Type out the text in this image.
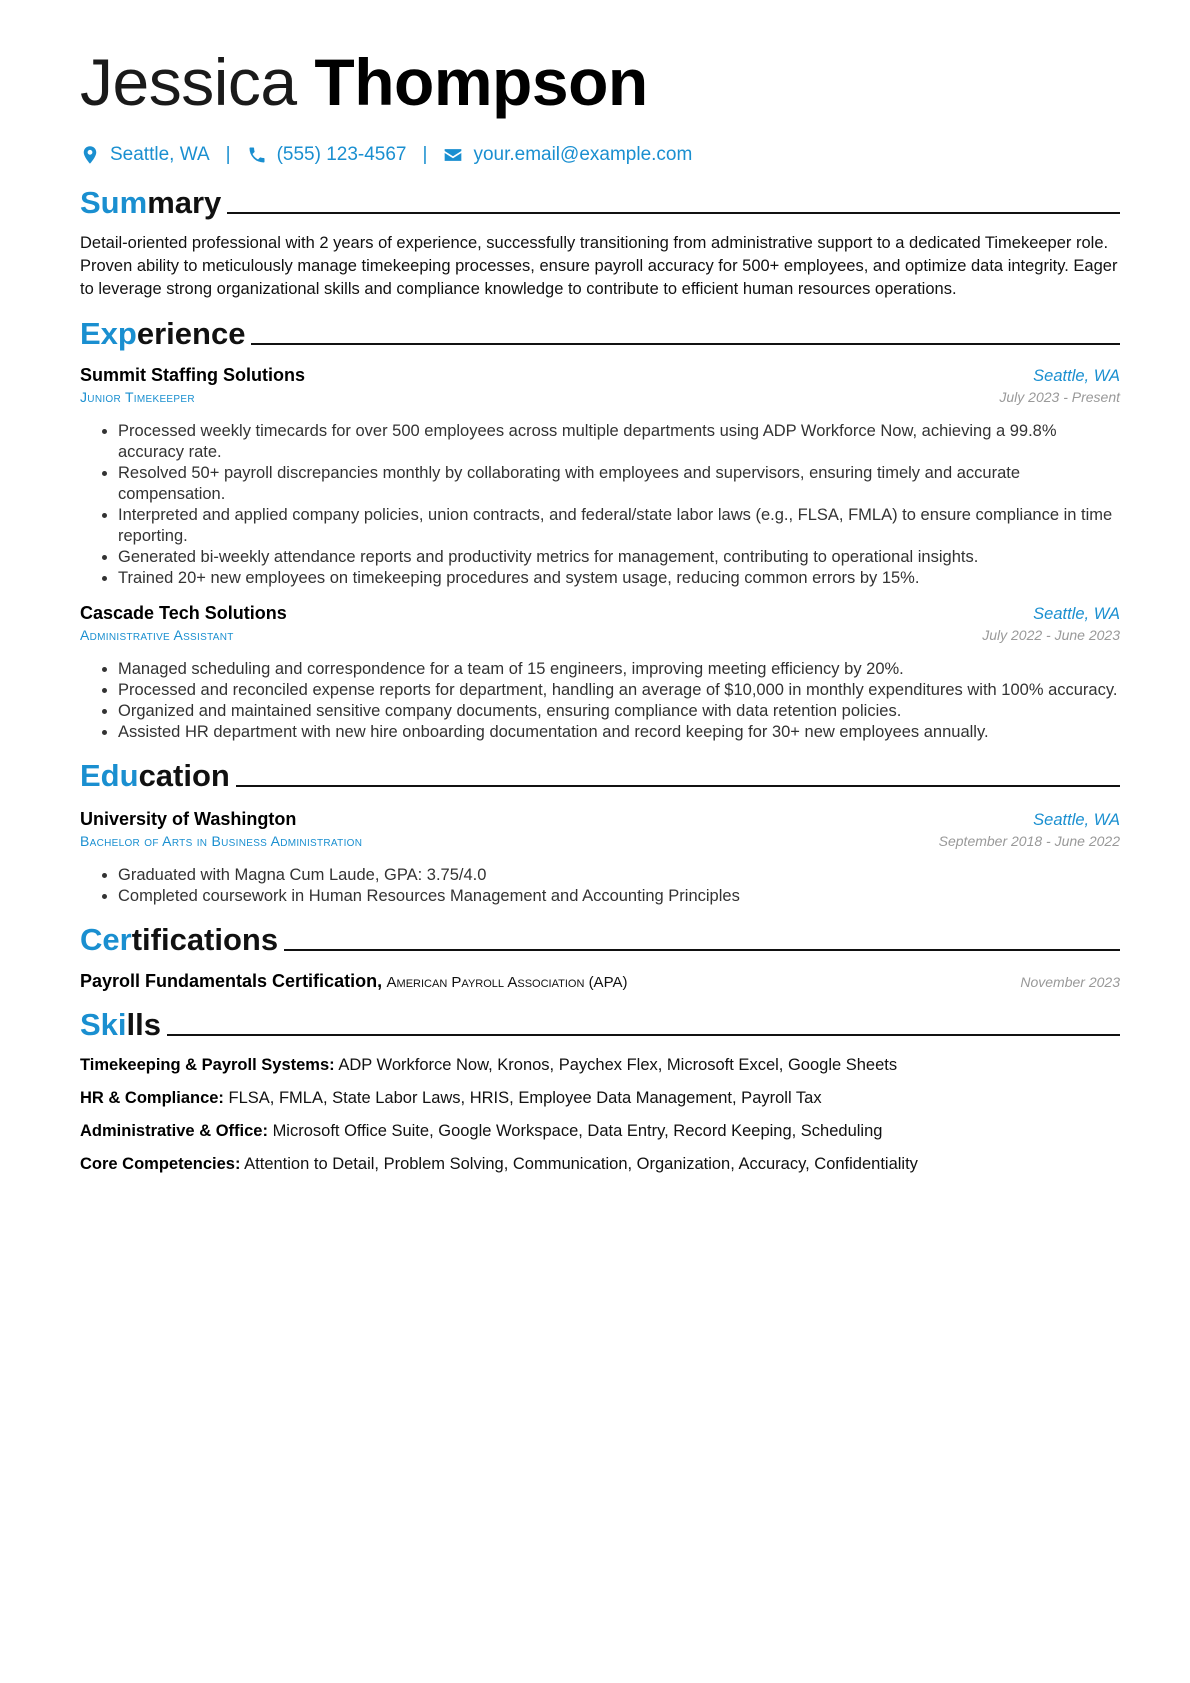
Jessica Thompson
Seattle, WA | (555) 123-4567 | your.email@example.com
Summary
Detail-oriented professional with 2 years of experience, successfully transitioning from administrative support to a dedicated Timekeeper role. Proven ability to meticulously manage timekeeping processes, ensure payroll accuracy for 500+ employees, and optimize data integrity. Eager to leverage strong organizational skills and compliance knowledge to contribute to efficient human resources operations.
Experience
Summit Staffing Solutions	Seattle, WA
Junior Timekeeper	July 2023 - Present
• Processed weekly timecards for over 500 employees across multiple departments using ADP Workforce Now, achieving a 99.8% accuracy rate.
• Resolved 50+ payroll discrepancies monthly by collaborating with employees and supervisors, ensuring timely and accurate compensation.
• Interpreted and applied company policies, union contracts, and federal/state labor laws (e.g., FLSA, FMLA) to ensure compliance in time reporting.
• Generated bi-weekly attendance reports and productivity metrics for management, contributing to operational insights.
• Trained 20+ new employees on timekeeping procedures and system usage, reducing common errors by 15%.
Cascade Tech Solutions	Seattle, WA
Administrative Assistant	July 2022 - June 2023
• Managed scheduling and correspondence for a team of 15 engineers, improving meeting efficiency by 20%.
• Processed and reconciled expense reports for department, handling an average of $10,000 in monthly expenditures with 100% accuracy.
• Organized and maintained sensitive company documents, ensuring compliance with data retention policies.
• Assisted HR department with new hire onboarding documentation and record keeping for 30+ new employees annually.
Education
University of Washington	Seattle, WA
Bachelor of Arts in Business Administration	September 2018 - June 2022
• Graduated with Magna Cum Laude, GPA: 3.75/4.0
• Completed coursework in Human Resources Management and Accounting Principles
Certifications
Payroll Fundamentals Certification, American Payroll Association (APA)	November 2023
Skills
Timekeeping & Payroll Systems: ADP Workforce Now, Kronos, Paychex Flex, Microsoft Excel, Google Sheets
HR & Compliance: FLSA, FMLA, State Labor Laws, HRIS, Employee Data Management, Payroll Tax
Administrative & Office: Microsoft Office Suite, Google Workspace, Data Entry, Record Keeping, Scheduling
Core Competencies: Attention to Detail, Problem Solving, Communication, Organization, Accuracy, Confidentiality
